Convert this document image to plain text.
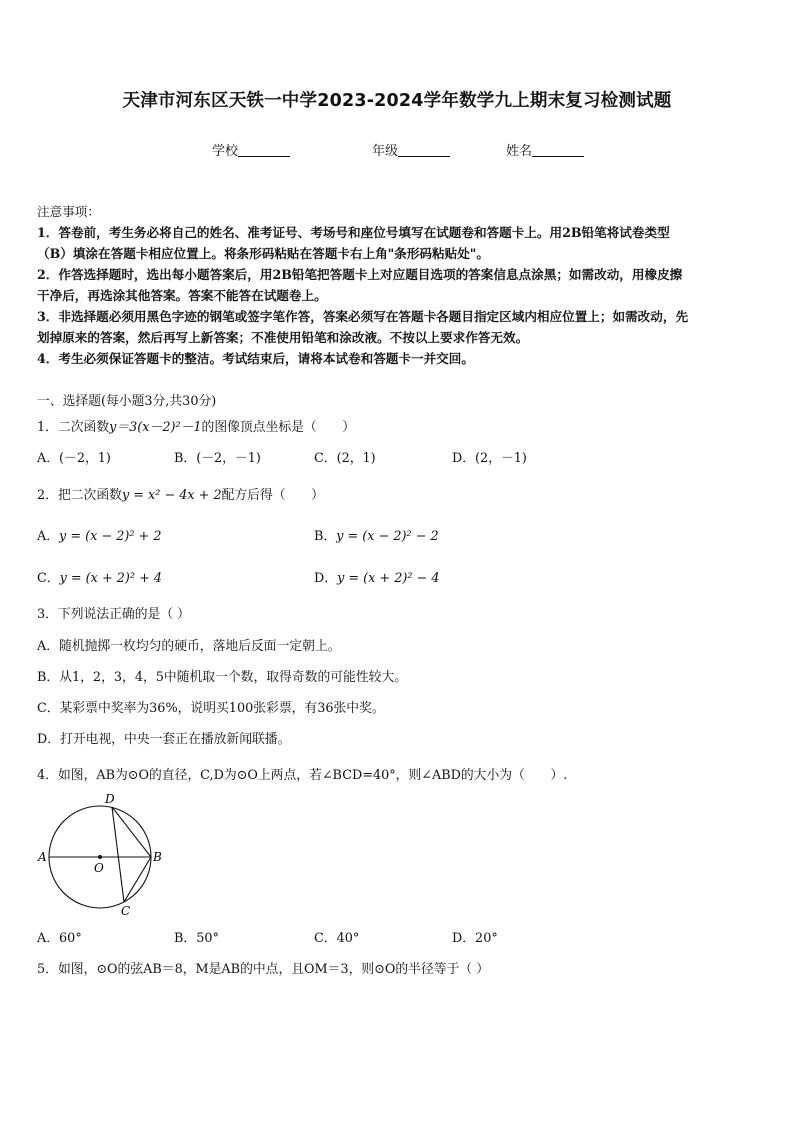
天津市河东区天铁一中学2023-2024学年数学九上期末复习检测试题
学校	年级	姓名
注意事项：
1．答卷前，考生务必将自己的姓名、准考证号、考场号和座位号填写在试题卷和答题卡上。用2B铅笔将试卷类型
（B）填涂在答题卡相应位置上。将条形码粘贴在答题卡右上角"条形码粘贴处"。
2．作答选择题时，选出每小题答案后，用2B铅笔把答题卡上对应题目选项的答案信息点涂黑；如需改动，用橡皮擦
干净后，再选涂其他答案。答案不能答在试题卷上。
3．非选择题必须用黑色字迹的钢笔或签字笔作答，答案必须写在答题卡各题目指定区域内相应位置上；如需改动，先
划掉原来的答案，然后再写上新答案；不准使用铅笔和涂改液。不按以上要求作答无效。
4．考生必须保证答题卡的整洁。考试结束后，请将本试卷和答题卡一并交回。
一、选择题(每小题3分,共30分)
1．二次函数y＝3(x－2)²－1的图像顶点坐标是（　　）
A．(－2，1)	B．(－2，－1)	C．(2，1)	D．(2，－1)
2．把二次函数y = x² − 4x + 2配方后得（　　）
A．y = (x − 2)² + 2	B．y = (x − 2)² − 2
C．y = (x + 2)² + 4	D．y = (x + 2)² − 4
3．下列说法正确的是（ ）
A．随机抛掷一枚均匀的硬币，落地后反面一定朝上。
B．从1，2，3，4，5中随机取一个数，取得奇数的可能性较大。
C．某彩票中奖率为36%，说明买100张彩票，有36张中奖。
D．打开电视，中央一套正在播放新闻联播。
4．如图，AB为⊙O的直径，C,D为⊙O上两点，若∠BCD=40°，则∠ABD的大小为（　　）.
A	B
D
C
O
A．60°	B．50°	C．40°	D．20°
5．如图，⊙O的弦AB＝8，M是AB的中点，且OM＝3，则⊙O的半径等于（ ）
